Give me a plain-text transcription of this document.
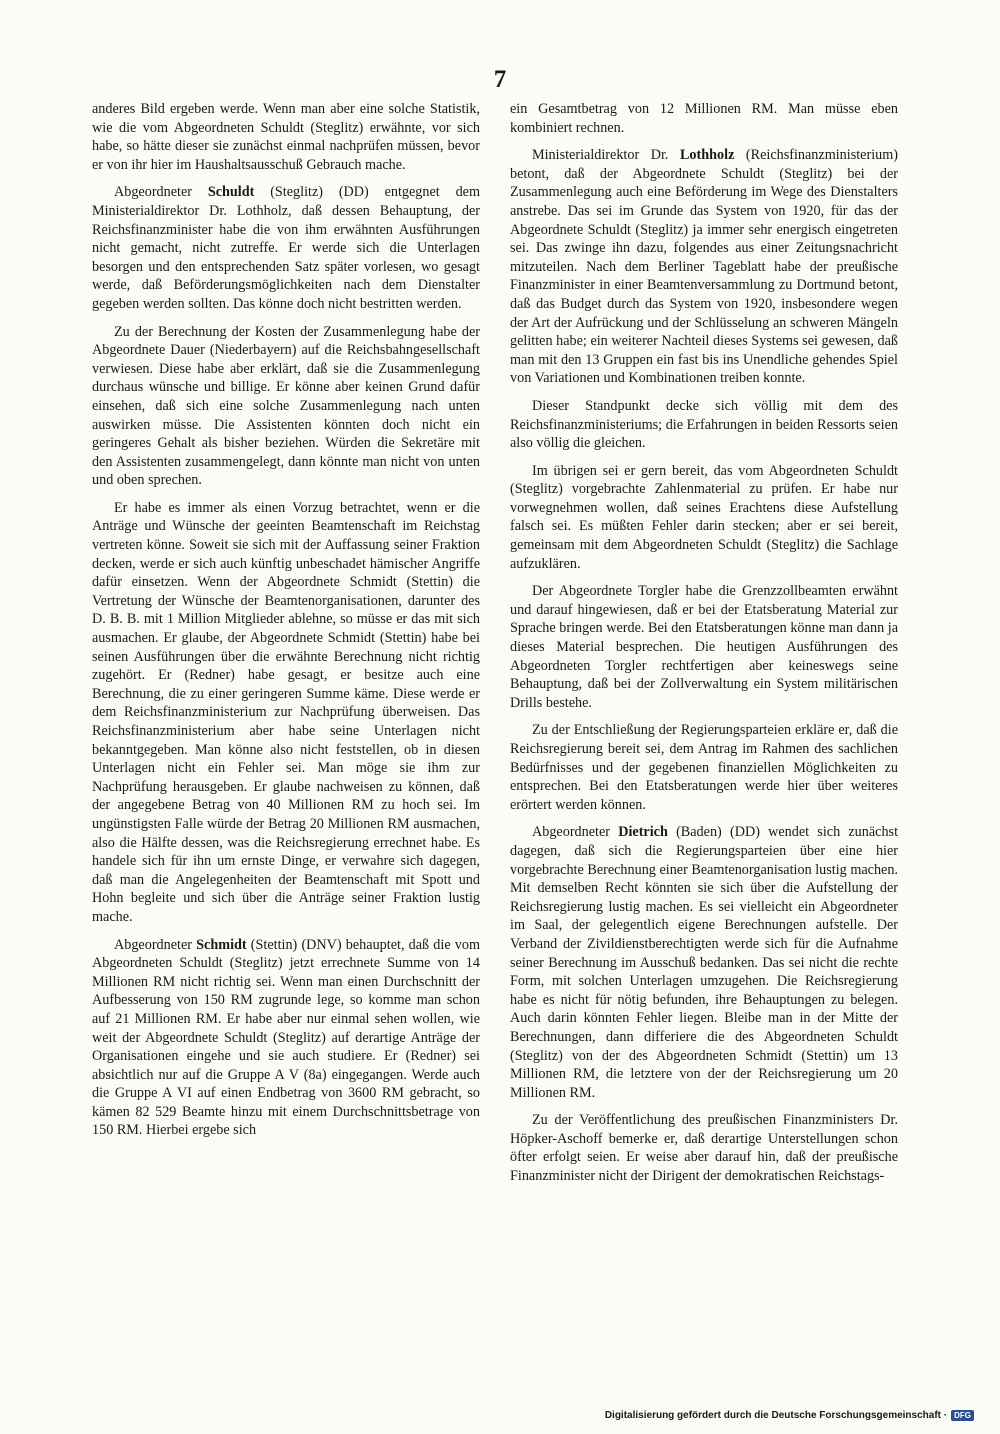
7

anderes Bild ergeben werde. Wenn man aber eine solche Statistik, wie die vom Abgeordneten Schuldt (Steglitz) erwähnte, vor sich habe, so hätte dieser sie zunächst einmal nachprüfen müssen, bevor er von ihr hier im Haushaltsausschuß Gebrauch mache.

Abgeordneter Schuldt (Steglitz) (DD) entgegnet dem Ministerialdirektor Dr. Lothholz, daß dessen Behauptung, der Reichsfinanzminister habe die von ihm erwähnten Ausführungen nicht gemacht, nicht zutreffe. Er werde sich die Unterlagen besorgen und den entsprechenden Satz später vorlesen, wo gesagt werde, daß Beförderungsmöglichkeiten nach dem Dienstalter gegeben werden sollten. Das könne doch nicht bestritten werden.

Zu der Berechnung der Kosten der Zusammenlegung habe der Abgeordnete Dauer (Niederbayern) auf die Reichsbahngesellschaft verwiesen. Diese habe aber erklärt, daß sie die Zusammenlegung durchaus wünsche und billige. Er könne aber keinen Grund dafür einsehen, daß sich eine solche Zusammenlegung nach unten auswirken müsse. Die Assistenten könnten doch nicht ein geringeres Gehalt als bisher beziehen. Würden die Sekretäre mit den Assistenten zusammengelegt, dann könnte man nicht von unten und oben sprechen.

Er habe es immer als einen Vorzug betrachtet, wenn er die Anträge und Wünsche der geeinten Beamtenschaft im Reichstag vertreten könne. Soweit sie sich mit der Auffassung seiner Fraktion decken, werde er sich auch künftig unbeschadet hämischer Angriffe dafür einsetzen. Wenn der Abgeordnete Schmidt (Stettin) die Vertretung der Wünsche der Beamtenorganisationen, darunter des D. B. B. mit 1 Million Mitglieder ablehne, so müsse er das mit sich ausmachen. Er glaube, der Abgeordnete Schmidt (Stettin) habe bei seinen Ausführungen über die erwähnte Berechnung nicht richtig zugehört. Er (Redner) habe gesagt, er besitze auch eine Berechnung, die zu einer geringeren Summe käme. Diese werde er dem Reichsfinanzministerium zur Nachprüfung überweisen. Das Reichsfinanzministerium aber habe seine Unterlagen nicht bekanntgegeben. Man könne also nicht feststellen, ob in diesen Unterlagen nicht ein Fehler sei. Man möge sie ihm zur Nachprüfung herausgeben. Er glaube nachweisen zu können, daß der angegebene Betrag von 40 Millionen RM zu hoch sei. Im ungünstigsten Falle würde der Betrag 20 Millionen RM ausmachen, also die Hälfte dessen, was die Reichsregierung errechnet habe. Es handele sich für ihn um ernste Dinge, er verwahre sich dagegen, daß man die Angelegenheiten der Beamtenschaft mit Spott und Hohn begleite und sich über die Anträge seiner Fraktion lustig mache.

Abgeordneter Schmidt (Stettin) (DNV) behauptet, daß die vom Abgeordneten Schuldt (Steglitz) jetzt errechnete Summe von 14 Millionen RM nicht richtig sei. Wenn man einen Durchschnitt der Aufbesserung von 150 RM zugrunde lege, so komme man schon auf 21 Millionen RM. Er habe aber nur einmal sehen wollen, wie weit der Abgeordnete Schuldt (Steglitz) auf derartige Anträge der Organisationen eingehe und sie auch studiere. Er (Redner) sei absichtlich nur auf die Gruppe A V (8a) eingegangen. Werde auch die Gruppe A VI auf einen Endbetrag von 3600 RM gebracht, so kämen 82 529 Beamte hinzu mit einem Durchschnittsbetrage von 150 RM. Hierbei ergebe sich

ein Gesamtbetrag von 12 Millionen RM. Man müsse eben kombiniert rechnen.

Ministerialdirektor Dr. Lothholz (Reichsfinanzministerium) betont, daß der Abgeordnete Schuldt (Steglitz) bei der Zusammenlegung auch eine Beförderung im Wege des Dienstalters anstrebe. Das sei im Grunde das System von 1920, für das der Abgeordnete Schuldt (Steglitz) ja immer sehr energisch eingetreten sei. Das zwinge ihn dazu, folgendes aus einer Zeitungsnachricht mitzuteilen. Nach dem Berliner Tageblatt habe der preußische Finanzminister in einer Beamtenversammlung zu Dortmund betont, daß das Budget durch das System von 1920, insbesondere wegen der Art der Aufrückung und der Schlüsselung an schweren Mängeln gelitten habe; ein weiterer Nachteil dieses Systems sei gewesen, daß man mit den 13 Gruppen ein fast bis ins Unendliche gehendes Spiel von Variationen und Kombinationen treiben konnte.

Dieser Standpunkt decke sich völlig mit dem des Reichsfinanzministeriums; die Erfahrungen in beiden Ressorts seien also völlig die gleichen.

Im übrigen sei er gern bereit, das vom Abgeordneten Schuldt (Steglitz) vorgebrachte Zahlenmaterial zu prüfen. Er habe nur vorwegnehmen wollen, daß seines Erachtens diese Aufstellung falsch sei. Es müßten Fehler darin stecken; aber er sei bereit, gemeinsam mit dem Abgeordneten Schuldt (Steglitz) die Sachlage aufzuklären.

Der Abgeordnete Torgler habe die Grenzzollbeamten erwähnt und darauf hingewiesen, daß er bei der Etatsberatung Material zur Sprache bringen werde. Bei den Etatsberatungen könne man dann ja dieses Material besprechen. Die heutigen Ausführungen des Abgeordneten Torgler rechtfertigen aber keineswegs seine Behauptung, daß bei der Zollverwaltung ein System militärischen Drills bestehe.

Zu der Entschließung der Regierungsparteien erkläre er, daß die Reichsregierung bereit sei, dem Antrag im Rahmen des sachlichen Bedürfnisses und der gegebenen finanziellen Möglichkeiten zu entsprechen. Bei den Etatsberatungen werde hier über weiteres erörtert werden können.

Abgeordneter Dietrich (Baden) (DD) wendet sich zunächst dagegen, daß sich die Regierungsparteien über eine hier vorgebrachte Berechnung einer Beamtenorganisation lustig machen. Mit demselben Recht könnten sie sich über die Aufstellung der Reichsregierung lustig machen. Es sei vielleicht ein Abgeordneter im Saal, der gelegentlich eigene Berechnungen aufstelle. Der Verband der Zivildienstberechtigten werde sich für die Aufnahme seiner Berechnung im Ausschuß bedanken. Das sei nicht die rechte Form, mit solchen Unterlagen umzugehen. Die Reichsregierung habe es nicht für nötig befunden, ihre Behauptungen zu belegen. Auch darin könnten Fehler liegen. Bleibe man in der Mitte der Berechnungen, dann differiere die des Abgeordneten Schuldt (Steglitz) von der des Abgeordneten Schmidt (Stettin) um 13 Millionen RM, die letztere von der der Reichsregierung um 20 Millionen RM.

Zu der Veröffentlichung des preußischen Finanzministers Dr. Höpker-Aschoff bemerke er, daß derartige Unterstellungen schon öfter erfolgt seien. Er weise aber darauf hin, daß der preußische Finanzminister nicht der Dirigent der demokratischen Reichstags-

Digitalisierung gefördert durch die Deutsche Forschungsgemeinschaft · DFG
